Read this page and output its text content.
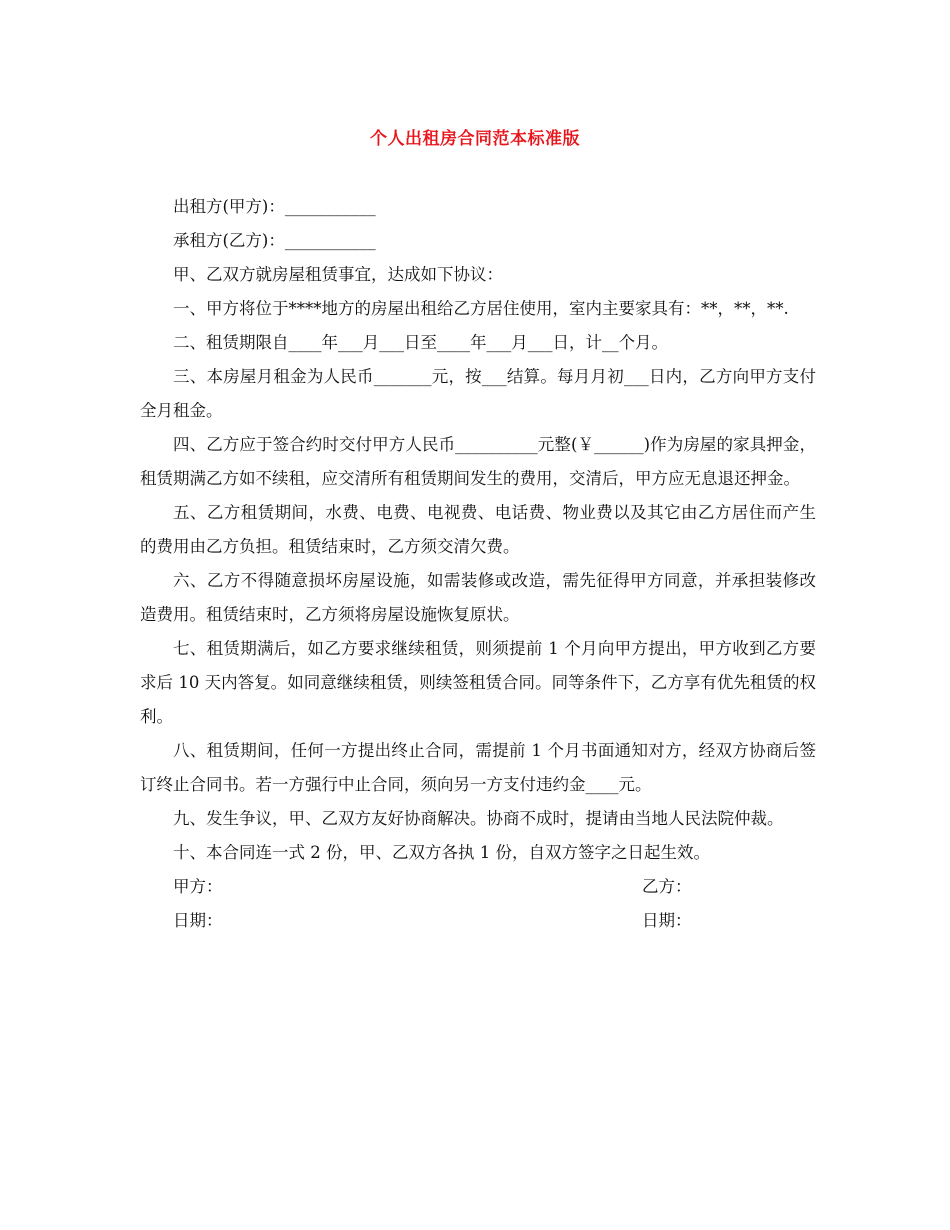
个人出租房合同范本标准版

出租方(甲方)：___________

承租方(乙方)：___________

甲、乙双方就房屋租赁事宜，达成如下协议：

一、甲方将位于****地方的房屋出租给乙方居住使用，室内主要家具有：**，**，**.

二、租赁期限自____年___月___日至____年___月___日，计__个月。

三、本房屋月租金为人民币_______元，按___结算。每月月初___日内，乙方向甲方支付全月租金。

四、乙方应于签合约时交付甲方人民币__________元整(￥______)作为房屋的家具押金，租赁期满乙方如不续租，应交清所有租赁期间发生的费用，交清后，甲方应无息退还押金。

五、乙方租赁期间，水费、电费、电视费、电话费、物业费以及其它由乙方居住而产生的费用由乙方负担。租赁结束时，乙方须交清欠费。

六、乙方不得随意损坏房屋设施，如需装修或改造，需先征得甲方同意，并承担装修改造费用。租赁结束时，乙方须将房屋设施恢复原状。

七、租赁期满后，如乙方要求继续租赁，则须提前 1 个月向甲方提出，甲方收到乙方要求后 10 天内答复。如同意继续租赁，则续签租赁合同。同等条件下，乙方享有优先租赁的权利。

八、租赁期间，任何一方提出终止合同，需提前 1 个月书面通知对方，经双方协商后签订终止合同书。若一方强行中止合同，须向另一方支付违约金____元。

九、发生争议，甲、乙双方友好协商解决。协商不成时，提请由当地人民法院仲裁。

十、本合同连一式 2 份，甲、乙双方各执 1 份，自双方签字之日起生效。

甲方：	乙方：
日期：	日期：
